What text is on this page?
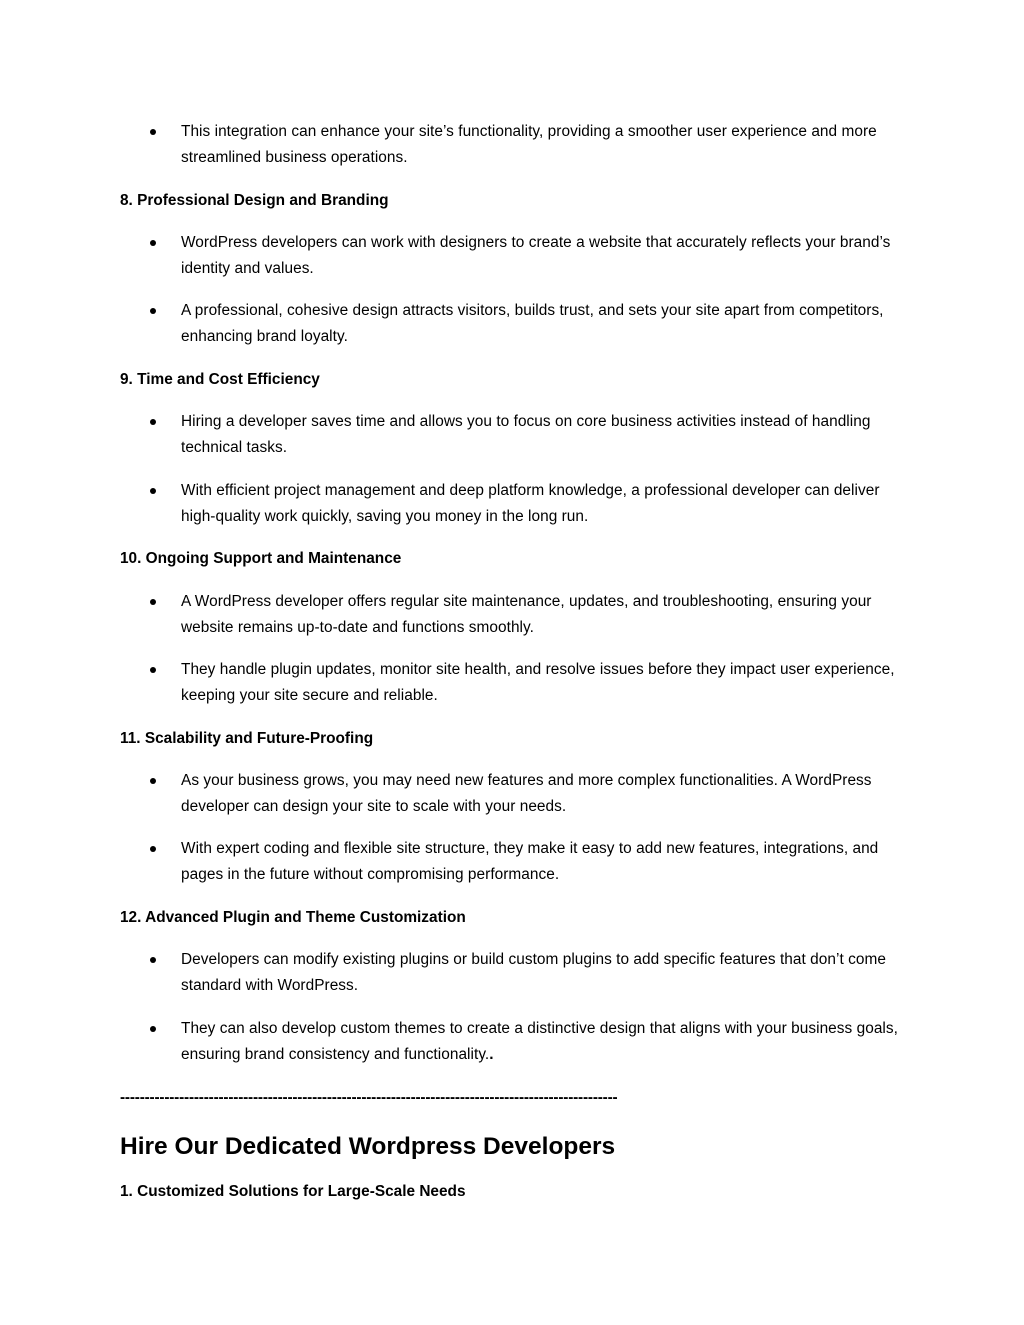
This integration can enhance your site’s functionality, providing a smoother user experience and more streamlined business operations.
8. Professional Design and Branding
WordPress developers can work with designers to create a website that accurately reflects your brand’s identity and values.
A professional, cohesive design attracts visitors, builds trust, and sets your site apart from competitors, enhancing brand loyalty.
9. Time and Cost Efficiency
Hiring a developer saves time and allows you to focus on core business activities instead of handling technical tasks.
With efficient project management and deep platform knowledge, a professional developer can deliver high-quality work quickly, saving you money in the long run.
10. Ongoing Support and Maintenance
A WordPress developer offers regular site maintenance, updates, and troubleshooting, ensuring your website remains up-to-date and functions smoothly.
They handle plugin updates, monitor site health, and resolve issues before they impact user experience, keeping your site secure and reliable.
11. Scalability and Future-Proofing
As your business grows, you may need new features and more complex functionalities. A WordPress developer can design your site to scale with your needs.
With expert coding and flexible site structure, they make it easy to add new features, integrations, and pages in the future without compromising performance.
12. Advanced Plugin and Theme Customization
Developers can modify existing plugins or build custom plugins to add specific features that don’t come standard with WordPress.
They can also develop custom themes to create a distinctive design that aligns with your business goals, ensuring brand consistency and functionality..
-----------------------------------------------------------------------------------------------------
Hire Our Dedicated Wordpress Developers
1. Customized Solutions for Large-Scale Needs
